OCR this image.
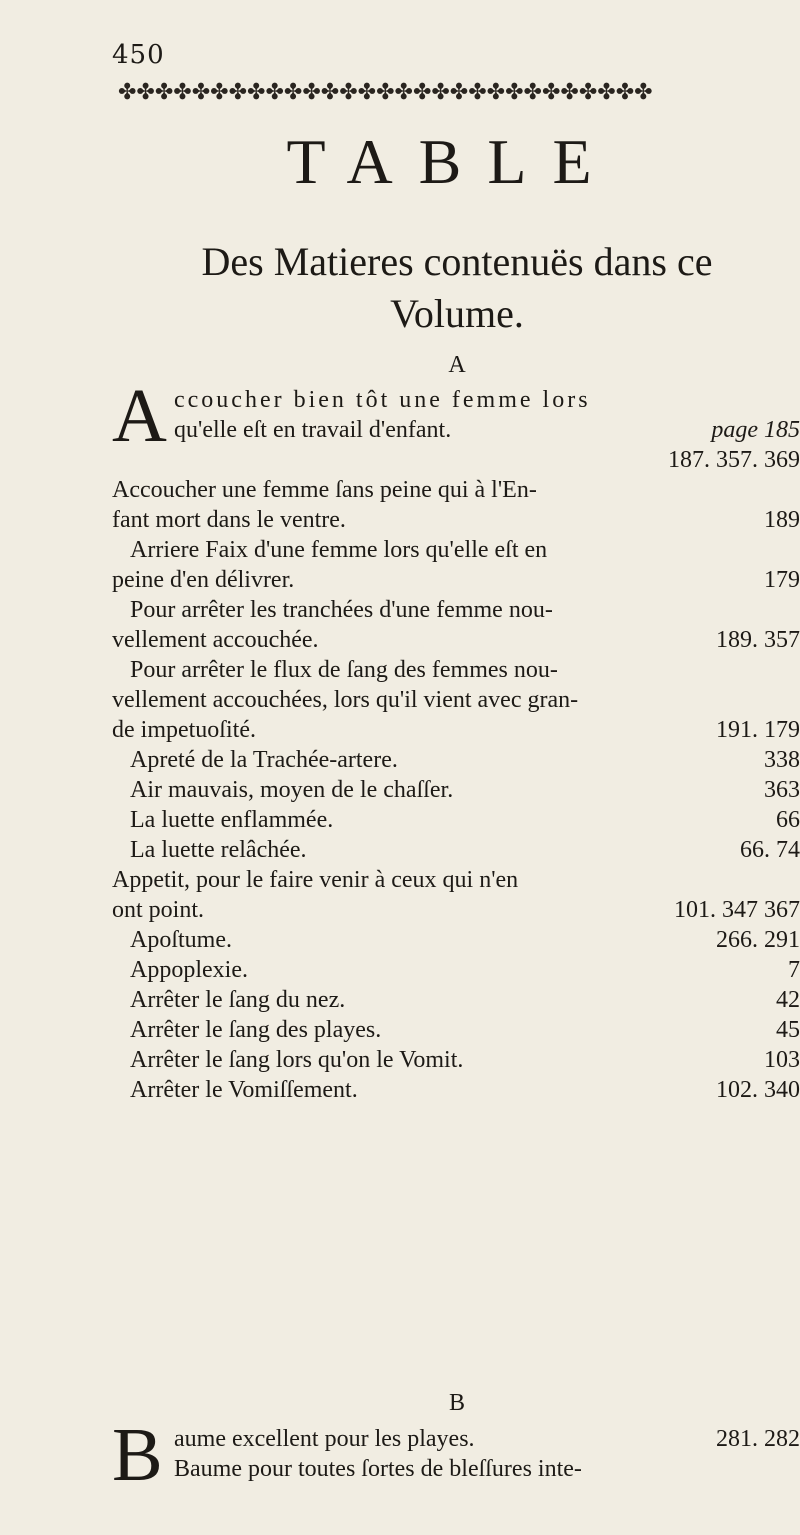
450
✤✤✤✤✤✤✤✤✤✤✤✤✤✤✤✤✤✤✤✤✤✤✤✤✤✤✤✤✤
TABLE
Des Matieres contenuës dans ce
Volume.
A
A ccoucher bien tôt une femme lors
qu'elle eſt en travail d'enfant.	page 185
187. 357. 369
Accoucher une femme ſans peine qui à l'En-
fant mort dans le ventre.	189
Arriere Faix d'une femme lors qu'elle eſt en
peine d'en délivrer.	179
Pour arrêter les tranchées d'une femme nou-
vellement accouchée.	189. 357
Pour arrêter le flux de ſang des femmes nou-
vellement accouchées, lors qu'il vient avec gran-
de impetuoſité.	191. 179
Apreté de la Trachée-artere.	338
Air mauvais, moyen de le chaſſer.	363
La luette enflammée.	66
La luette relâchée.	66. 74
Appetit, pour le faire venir à ceux qui n'en
ont point.	101. 347 367
Apoſtume.	266. 291
Appoplexie.	7
Arrêter le ſang du nez.	42
Arrêter le ſang des playes.	45
Arrêter le ſang lors qu'on le Vomit.	103
Arrêter le Vomiſſement.	102. 340
B
B aume excellent pour les playes.	281. 282
Baume pour toutes ſortes de bleſſures inte-
